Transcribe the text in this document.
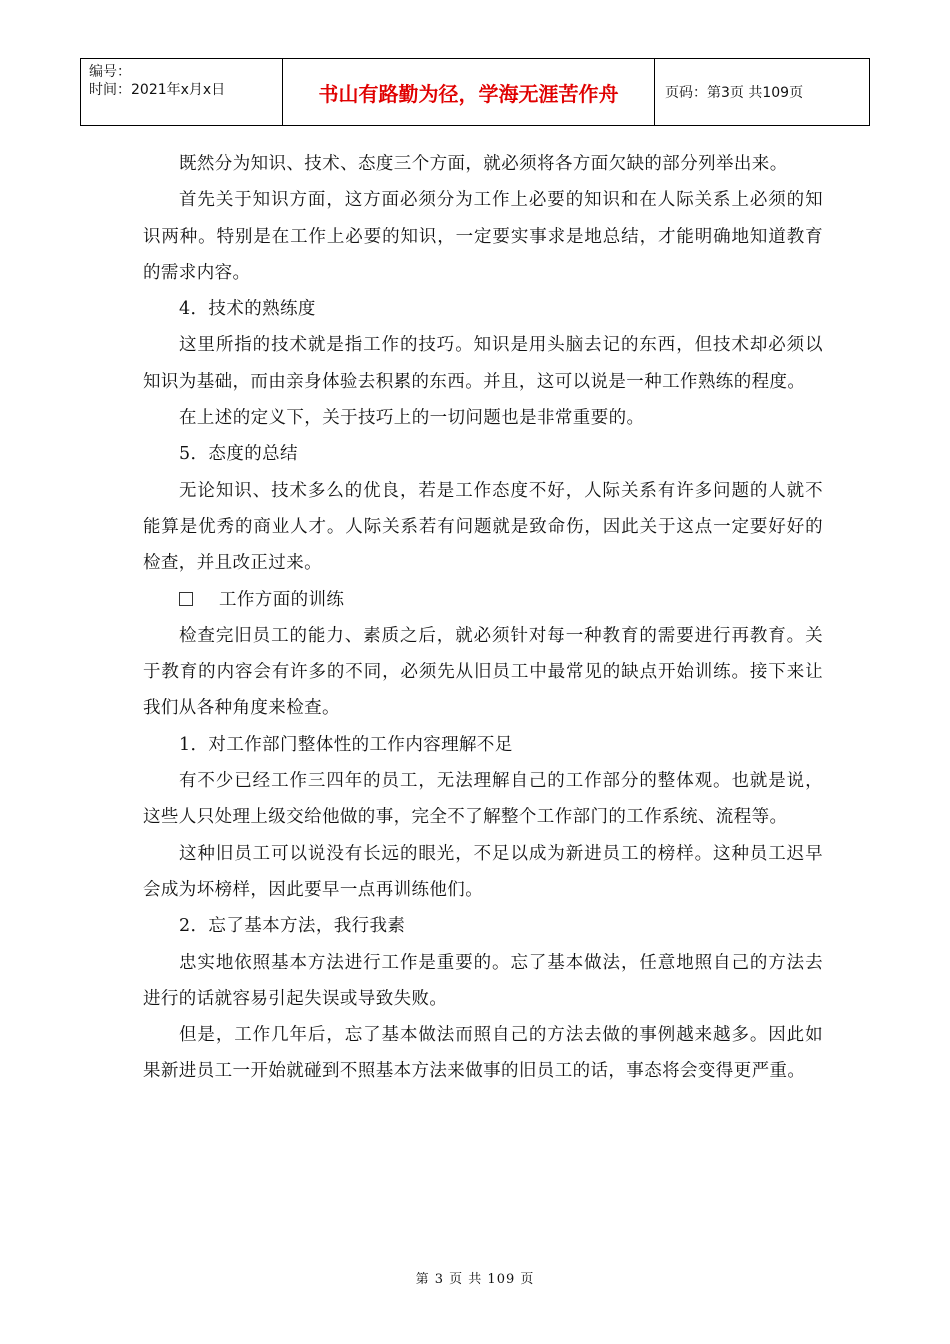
编号：
时间：2021年x月x日	书山有路勤为径，学海无涯苦作舟	页码：第3页 共109页

既然分为知识、技术、态度三个方面，就必须将各方面欠缺的部分列举出来。

首先关于知识方面，这方面必须分为工作上必要的知识和在人际关系上必须的知识两种。特别是在工作上必要的知识，一定要实事求是地总结，才能明确地知道教育的需求内容。

4．技术的熟练度

这里所指的技术就是指工作的技巧。知识是用头脑去记的东西，但技术却必须以知识为基础，而由亲身体验去积累的东西。并且，这可以说是一种工作熟练的程度。

在上述的定义下，关于技巧上的一切问题也是非常重要的。

5．态度的总结

无论知识、技术多么的优良，若是工作态度不好，人际关系有许多问题的人就不能算是优秀的商业人才。人际关系若有问题就是致命伤，因此关于这点一定要好好的检查，并且改正过来。

工作方面的训练

检查完旧员工的能力、素质之后，就必须针对每一种教育的需要进行再教育。关于教育的内容会有许多的不同，必须先从旧员工中最常见的缺点开始训练。接下来让我们从各种角度来检查。

1．对工作部门整体性的工作内容理解不足

有不少已经工作三四年的员工，无法理解自己的工作部分的整体观。也就是说，这些人只处理上级交给他做的事，完全不了解整个工作部门的工作系统、流程等。

这种旧员工可以说没有长远的眼光，不足以成为新进员工的榜样。这种员工迟早会成为坏榜样，因此要早一点再训练他们。

2．忘了基本方法，我行我素

忠实地依照基本方法进行工作是重要的。忘了基本做法，任意地照自己的方法去进行的话就容易引起失误或导致失败。

但是，工作几年后，忘了基本做法而照自己的方法去做的事例越来越多。因此如果新进员工一开始就碰到不照基本方法来做事的旧员工的话，事态将会变得更严重。

第 3 页 共 109 页
